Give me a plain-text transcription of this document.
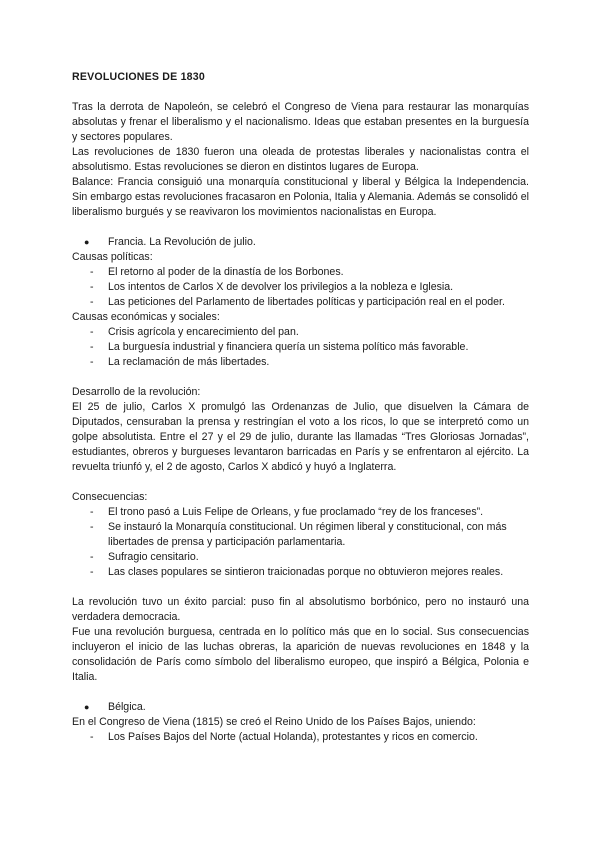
REVOLUCIONES DE 1830

Tras la derrota de Napoleón, se celebró el Congreso de Viena para restaurar las monarquías absolutas y frenar el liberalismo y el nacionalismo. Ideas que estaban presentes en la burguesía y sectores populares.

Las revoluciones de 1830 fueron una oleada de protestas liberales y nacionalistas contra el absolutismo. Estas revoluciones se dieron en distintos lugares de Europa.

Balance: Francia consiguió una monarquía constitucional y liberal y Bélgica la Independencia. Sin embargo estas revoluciones fracasaron en Polonia, Italia y Alemania. Además se consolidó el liberalismo burgués y se reavivaron los movimientos nacionalistas en Europa.

●	Francia. La Revolución de julio.

Causas políticas:

-	El retorno al poder de la dinastía de los Borbones.
-	Los intentos de Carlos X de devolver los privilegios a la nobleza e Iglesia.
-	Las peticiones del Parlamento de libertades políticas y participación real en el poder.

Causas económicas y sociales:

-	Crisis agrícola y encarecimiento del pan.
-	La burguesía industrial y financiera quería un sistema político más favorable.
-	La reclamación de más libertades.

Desarrollo de la revolución:

El 25 de julio, Carlos X promulgó las Ordenanzas de Julio, que disuelven la Cámara de Diputados, censuraban la prensa y restringían el voto a los ricos, lo que se interpretó como un golpe absolutista. Entre el 27 y el 29 de julio, durante las llamadas “Tres Gloriosas Jornadas”, estudiantes, obreros y burgueses levantaron barricadas en París y se enfrentaron al ejército. La revuelta triunfó y, el 2 de agosto, Carlos X abdicó y huyó a Inglaterra.

Consecuencias:

-	El trono pasó a Luis Felipe de Orleans, y fue proclamado “rey de los franceses”.
-	Se instauró la Monarquía constitucional. Un régimen liberal y constitucional, con más libertades de prensa y participación parlamentaria.
-	Sufragio censitario.
-	Las clases populares se sintieron traicionadas porque no obtuvieron mejores reales.

La revolución tuvo un éxito parcial: puso fin al absolutismo borbónico, pero no instauró una verdadera democracia.

Fue una revolución burguesa, centrada en lo político más que en lo social. Sus consecuencias incluyeron el inicio de las luchas obreras, la aparición de nuevas revoluciones en 1848 y la consolidación de París como símbolo del liberalismo europeo, que inspiró a Bélgica, Polonia e Italia.

●	Bélgica.

En el Congreso de Viena (1815) se creó el Reino Unido de los Países Bajos, uniendo:

-	Los Países Bajos del Norte (actual Holanda), protestantes y ricos en comercio.
